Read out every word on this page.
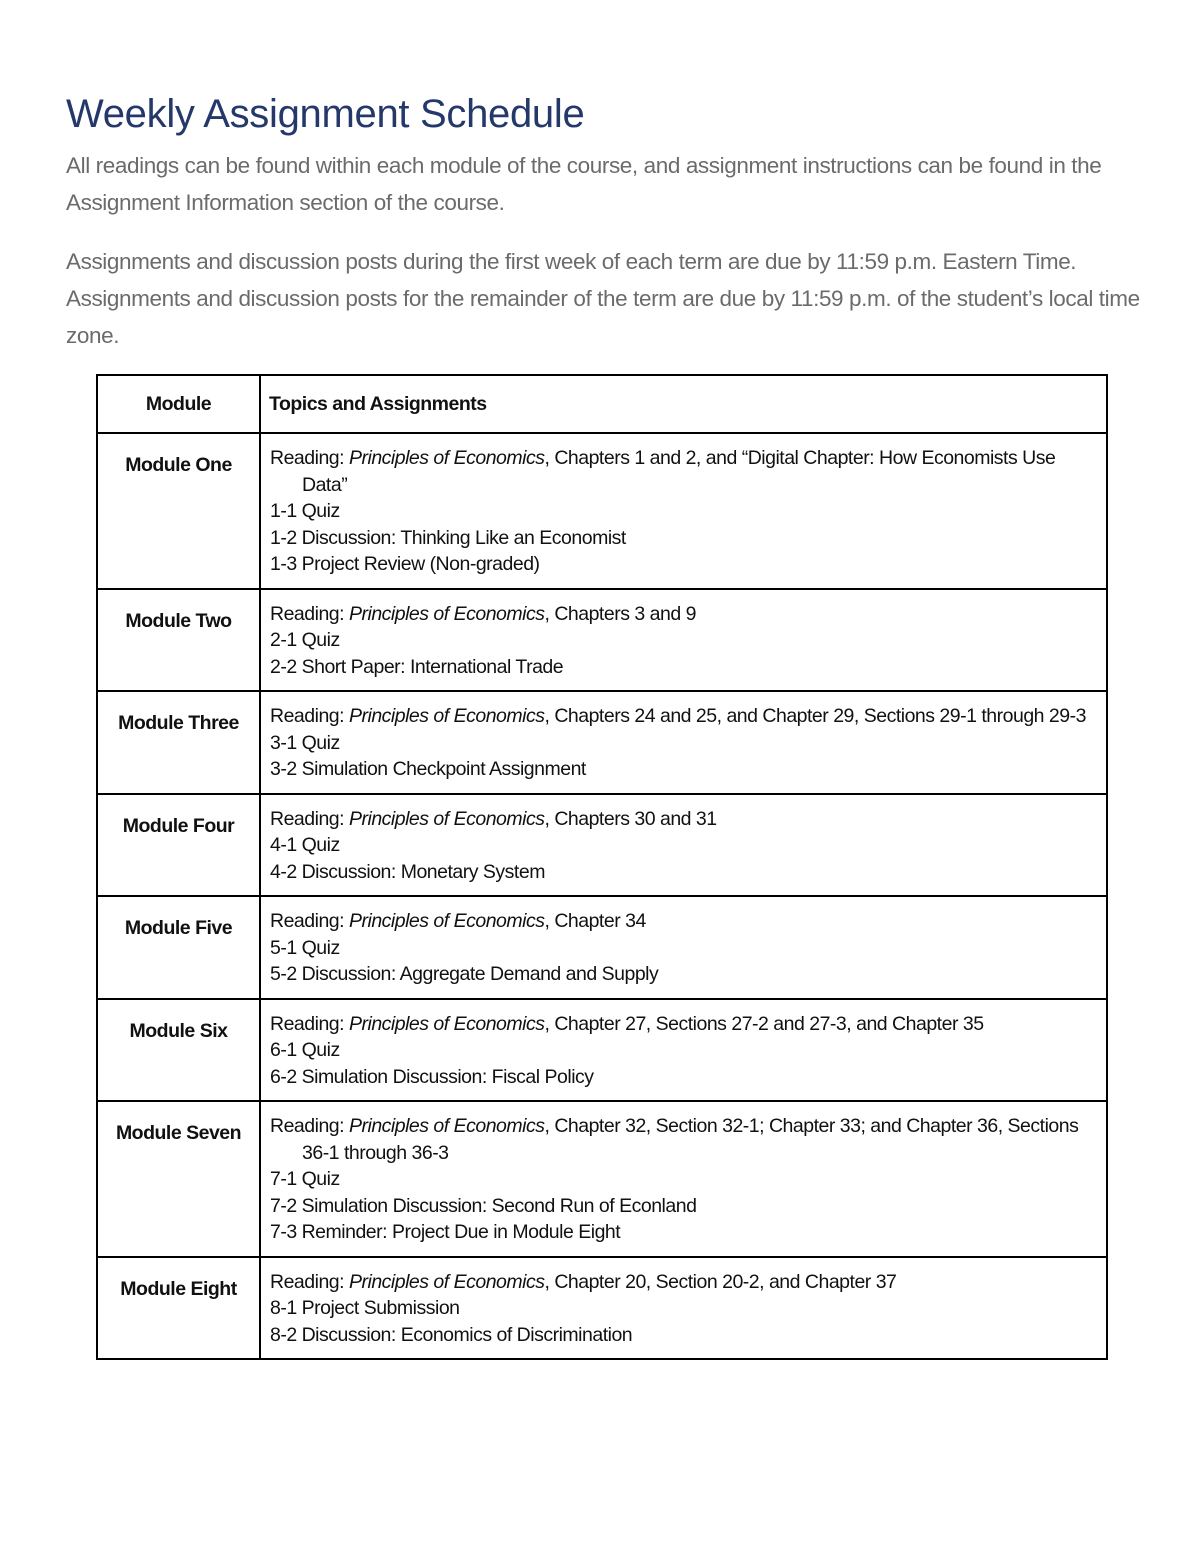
Weekly Assignment Schedule

All readings can be found within each module of the course, and assignment instructions can be found in the Assignment Information section of the course.

Assignments and discussion posts during the first week of each term are due by 11:59 p.m. Eastern Time. Assignments and discussion posts for the remainder of the term are due by 11:59 p.m. of the student’s local time zone.

Module	Topics and Assignments
Module One	Reading: Principles of Economics, Chapters 1 and 2, and “Digital Chapter: How Economists Use Data”
1-1 Quiz
1-2 Discussion: Thinking Like an Economist
1-3 Project Review (Non-graded)

Module Two	Reading: Principles of Economics, Chapters 3 and 9
2-1 Quiz
2-2 Short Paper: International Trade

Module Three	Reading: Principles of Economics, Chapters 24 and 25, and Chapter 29, Sections 29-1 through 29-3
3-1 Quiz
3-2 Simulation Checkpoint Assignment

Module Four	Reading: Principles of Economics, Chapters 30 and 31
4-1 Quiz
4-2 Discussion: Monetary System

Module Five	Reading: Principles of Economics, Chapter 34
5-1 Quiz
5-2 Discussion: Aggregate Demand and Supply

Module Six	Reading: Principles of Economics, Chapter 27, Sections 27-2 and 27-3, and Chapter 35
6-1 Quiz
6-2 Simulation Discussion: Fiscal Policy

Module Seven	Reading: Principles of Economics, Chapter 32, Section 32-1; Chapter 33; and Chapter 36, Sections 36-1 through 36-3
7-1 Quiz
7-2 Simulation Discussion: Second Run of Econland
7-3 Reminder: Project Due in Module Eight

Module Eight	Reading: Principles of Economics, Chapter 20, Section 20-2, and Chapter 37
8-1 Project Submission
8-2 Discussion: Economics of Discrimination
